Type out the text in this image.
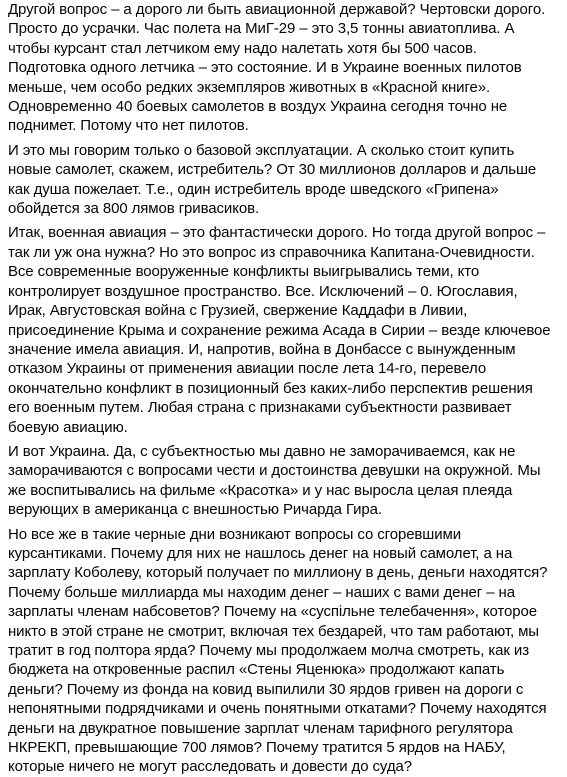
Другой вопрос – а дорого ли быть авиационной державой? Чертовски дорого. Просто до усрачки. Час полета на МиГ-29 – это 3,5 тонны авиатоплива. А чтобы курсант стал летчиком ему надо налетать хотя бы 500 часов. Подготовка одного летчика – это состояние. И в Украине военных пилотов меньше, чем особо редких экземпляров животных в «Красной книге». Одновременно 40 боевых самолетов в воздух Украина сегодня точно не поднимет. Потому что нет пилотов.

И это мы говорим только о базовой эксплуатации. А сколько стоит купить новые самолет, скажем, истребитель? От 30 миллионов долларов и дальше как душа пожелает. Т.е., один истребитель вроде шведского «Грипена» обойдется за 800 лямов гривасиков.

Итак, военная авиация – это фантастически дорого. Но тогда другой вопрос – так ли уж она нужна? Но это вопрос из справочника Капитана-Очевидности. Все современные вооруженные конфликты выигрывались теми, кто контролирует воздушное пространство. Все. Исключений – 0. Югославия, Ирак, Августовская война с Грузией, свержение Каддафи в Ливии, присоединение Крыма и сохранение режима Асада в Сирии – везде ключевое значение имела авиация. И, напротив, война в Донбассе с вынужденным отказом Украины от применения авиации после лета 14-го, перевело окончательно конфликт в позиционный без каких-либо перспектив решения его военным путем. Любая страна с признаками субъектности развивает боевую авиацию.

И вот Украина. Да, с субъектностью мы давно не заморачиваемся, как не заморачиваются с вопросами чести и достоинства девушки на окружной. Мы же воспитывались на фильме «Красотка» и у нас выросла целая плеяда верующих в американца с внешностью Ричарда Гира.

Но все же в такие черные дни возникают вопросы со сгоревшими курсантиками. Почему для них не нашлось денег на новый самолет, а на зарплату Коболеву, который получает по миллиону в день, деньги находятся? Почему больше миллиарда мы находим денег – наших с вами денег – на зарплаты членам набсоветов? Почему на «суспільне телебачення», которое никто в этой стране не смотрит, включая тех бездарей, что там работают, мы тратит в год полтора ярда? Почему мы продолжаем молча смотреть, как из бюджета на откровенные распил «Стены Яценюка» продолжают капать деньги? Почему из фонда на ковид выпилили 30 ярдов гривен на дороги с непонятными подрядчиками и очень понятными откатами? Почему находятся деньги на двукратное повышение зарплат членам тарифного регулятора НКРЕКП, превышающие 700 лямов? Почему тратится 5 ярдов на НАБУ, которые ничего не могут расследовать и довести до суда?
